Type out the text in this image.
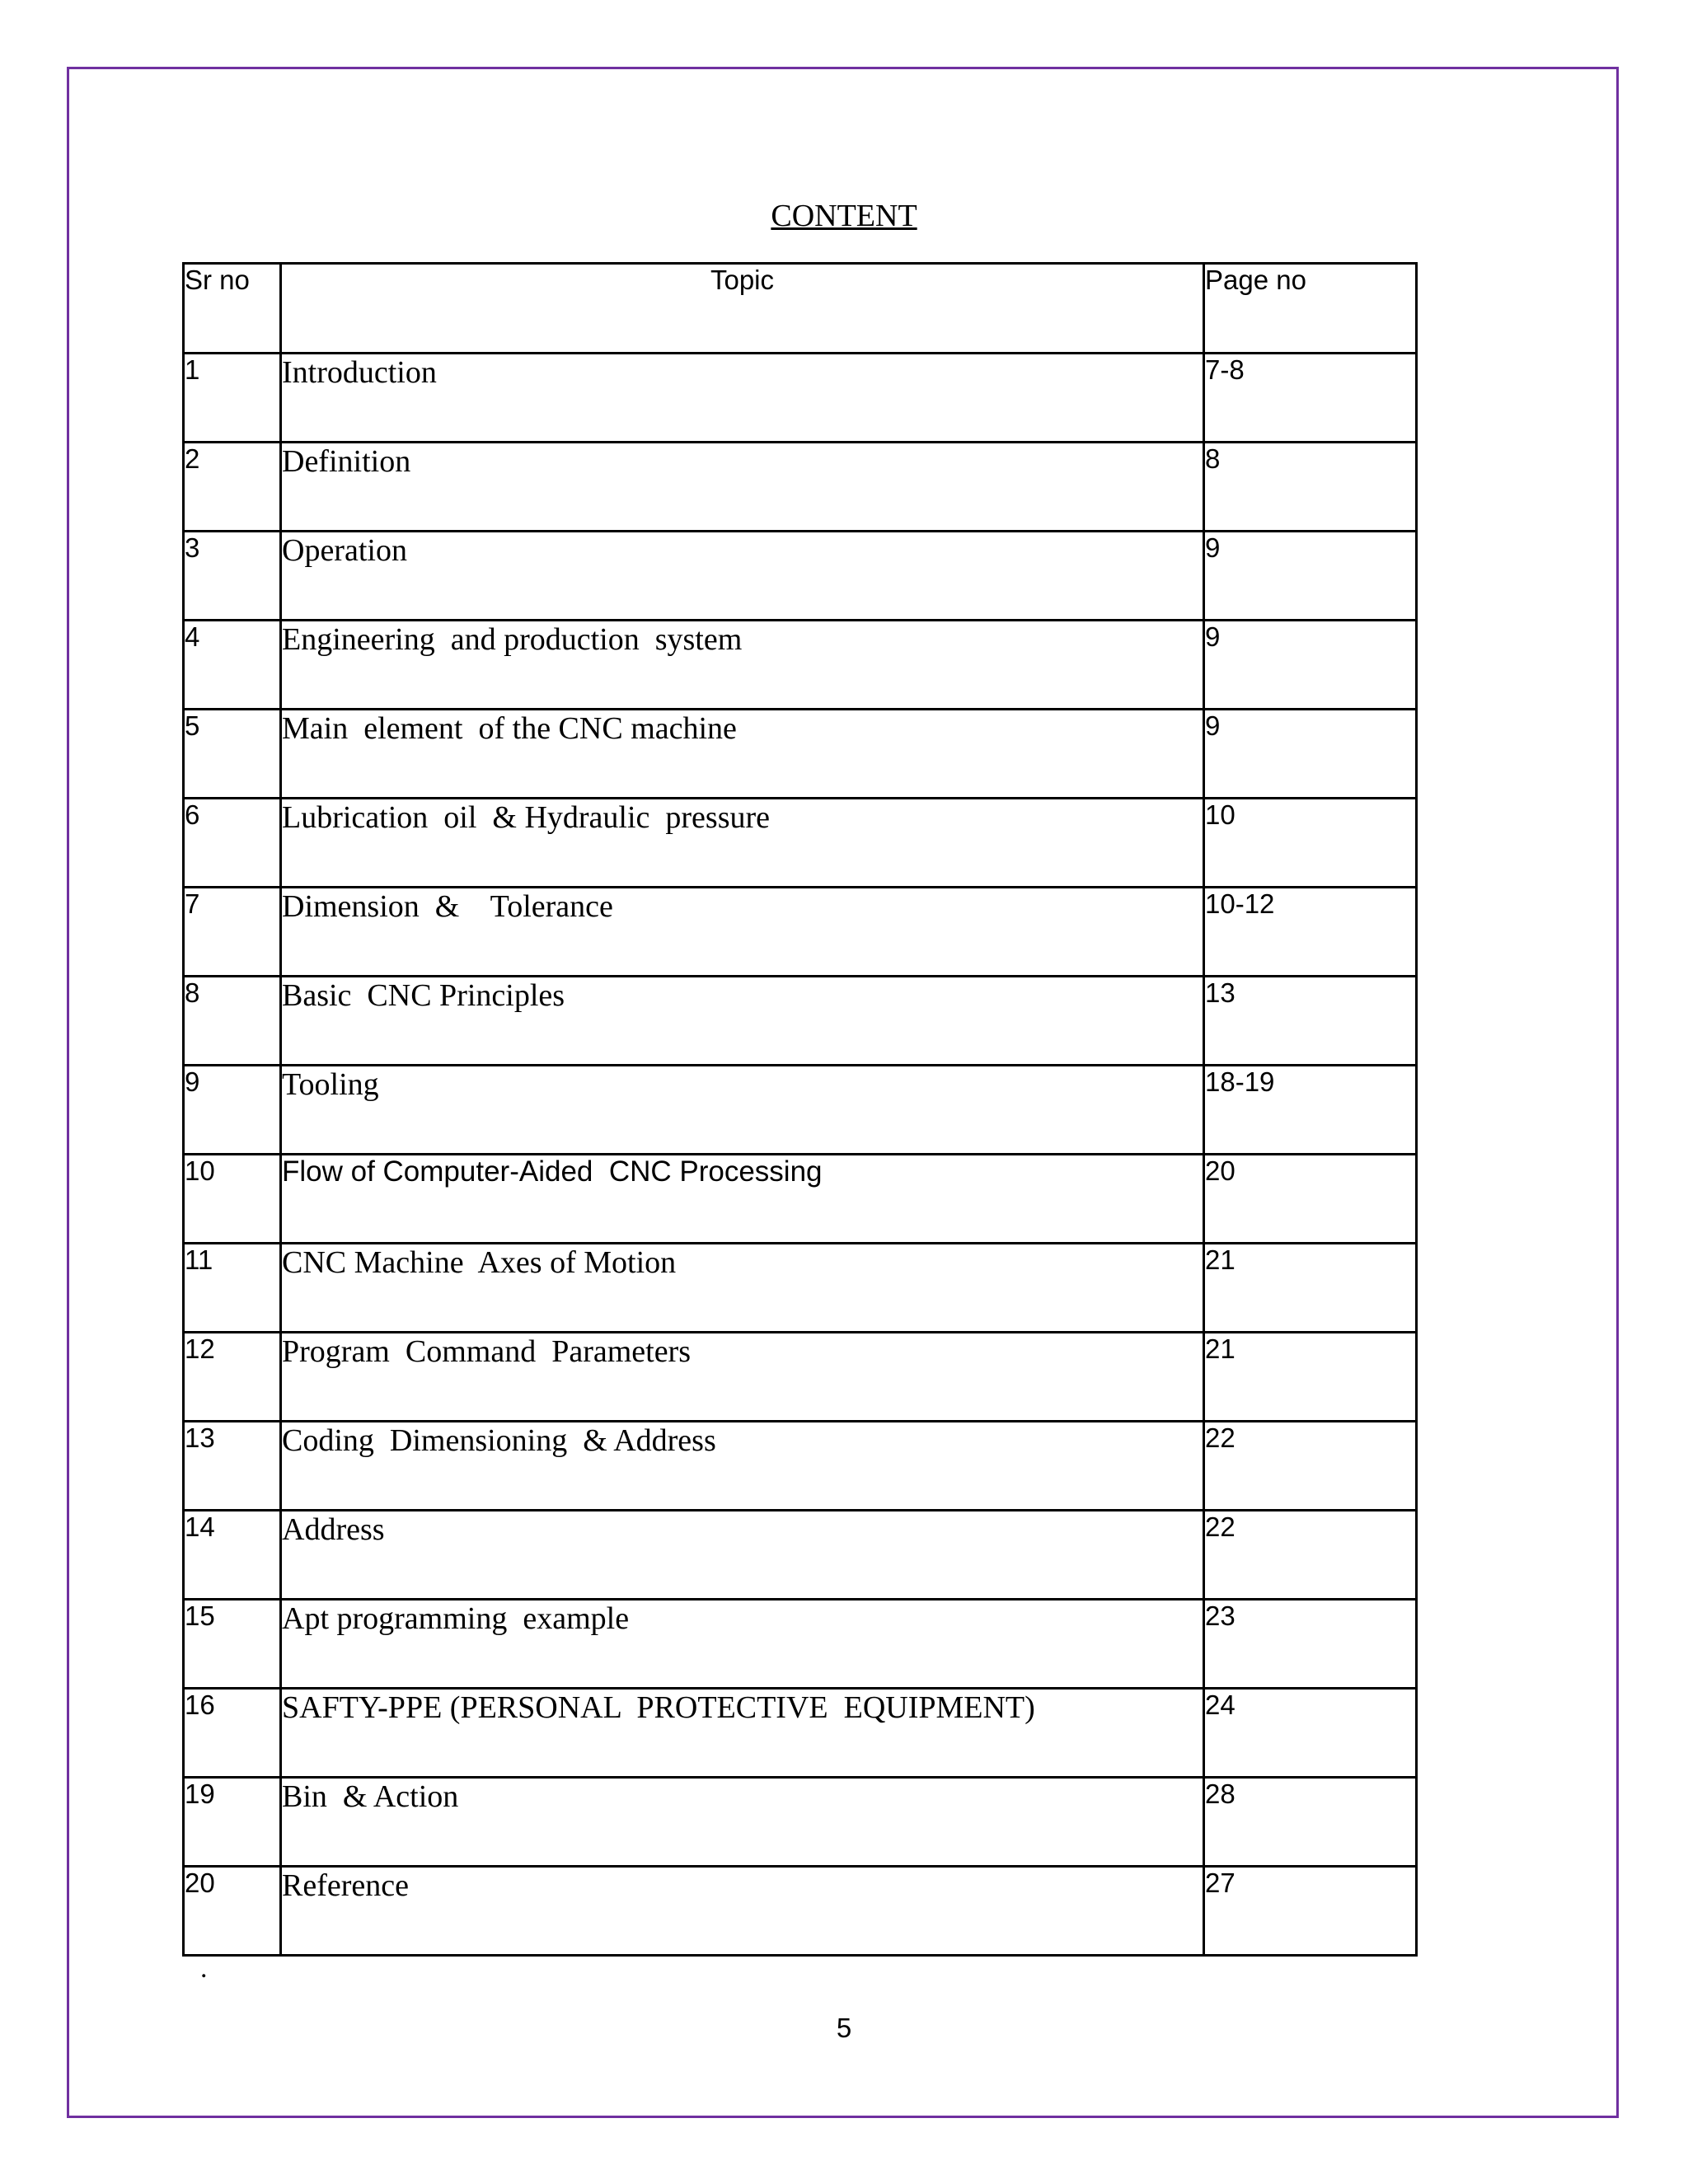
CONTENT
Sr no	Topic	Page no
1	Introduction	7-8
2	Definition	8
3	Operation	9
4	Engineering  and production  system	9
5	Main  element  of the CNC machine	9
6	Lubrication  oil  & Hydraulic  pressure	10
7	Dimension  &    Tolerance	10-12
8	Basic  CNC Principles	13
9	Tooling	18-19
10	Flow of Computer-Aided  CNC Processing	20
11	CNC Machine  Axes of Motion	21
12	Program  Command  Parameters	21
13	Coding  Dimensioning  & Address	22
14	Address	22
15	Apt programming  example	23
16	SAFTY-PPE (PERSONAL  PROTECTIVE  EQUIPMENT)	24
19	Bin  & Action	28
20	Reference	27
.
5
